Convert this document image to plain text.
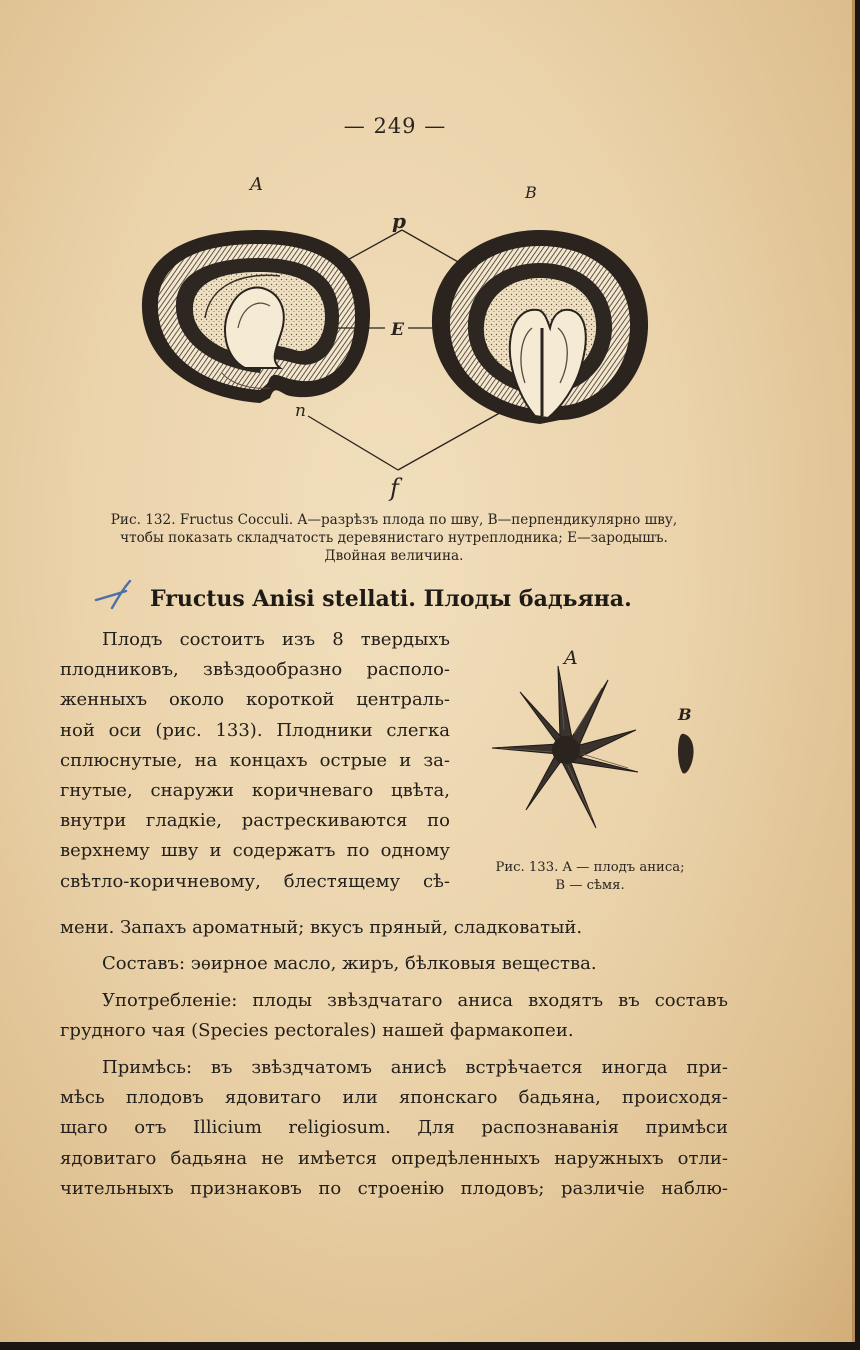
— 249 —
A	B
p
E
n
f
Рис. 132. Fructus Cocculi. A—разрѣзъ плода по шву, B—перпендикулярно шву,
чтобы показать складчатость деревянистаго нутреплодника; E—зародышъ.
Двойная величина.
Fructus Anisi stellati. Плоды бадьяна.

Плодъ состоитъ изъ 8 твердыхъ

плодниковъ, звѣздообразно располо-

женныхъ около короткой централь-

ной оси (рис. 133). Плодники слегка

сплюснутые, на концахъ острые и за-

гнутые, снаружи коричневаго цвѣта,

внутри гладкіе, растрескиваются по

верхнему шву и содержатъ по одному

свѣтло-коричневому, блестящему сѣ-

A
B
Рис. 133. A — плодъ аниса;
B — сѣмя.

мени. Запахъ ароматный; вкусъ пряный, сладковатый.

Составъ: эѳирное масло, жиръ, бѣлковыя вещества.

Употребленіе: плоды звѣздчатаго аниса входятъ въ составъ

грудного чая (Species pectorales) нашей фармакопеи.

Примѣсь: въ звѣздчатомъ анисѣ встрѣчается иногда при-

мѣсь плодовъ ядовитаго или японскаго бадьяна, происходя-

щаго отъ Illicium religiosum. Для распознаванія примѣси

ядовитаго бадьяна не имѣется опредѣленныхъ наружныхъ отли-

чительныхъ признаковъ по строенію плодовъ; различіе наблю-
